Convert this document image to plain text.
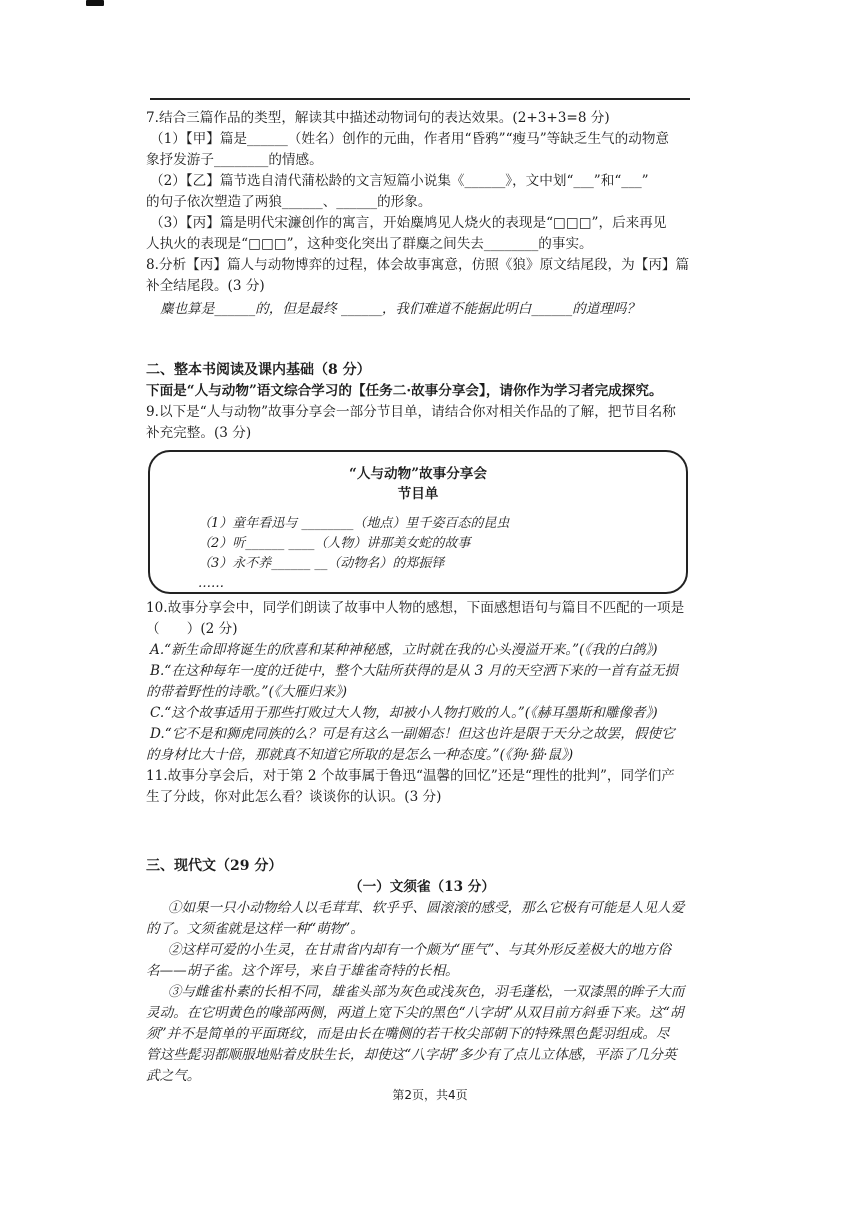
7.结合三篇作品的类型，解读其中描述动物词句的表达效果。(2+3+3=8 分)
（1）【甲】篇是______（姓名）创作的元曲，作者用“昏鸦”“瘦马”等缺乏生气的动物意
象抒发游子________的情感。
（2）【乙】篇节选自清代蒲松龄的文言短篇小说集《______》，文中划“___”和“___”
的句子依次塑造了两狼______、______的形象。
（3）【丙】篇是明代宋濂创作的寓言，开始麋鸠见人烧火的表现是“□□□”，后来再见
人执火的表现是“□□□”，这种变化突出了群麋之间失去________的事实。
8.分析【丙】篇人与动物博弈的过程，体会故事寓意，仿照《狼》原文结尾段，为【丙】篇
补全结尾段。(3 分)
麋也算是______的，但是最终 ______，我们难道不能据此明白______的道理吗？
二、整本书阅读及课内基础（8 分）
下面是“人与动物”语文综合学习的【任务二·故事分享会】，请你作为学习者完成探究。
9.以下是“人与动物”故事分享会一部分节目单，请结合你对相关作品的了解，把节目名称
补充完整。(3 分)
“人与动物”故事分享会
节目单
（1）童年看迅与 ________（地点）里千姿百态的昆虫
（2）听______ ____（人物）讲那美女蛇的故事
（3）永不养______ __（动物名）的郑振铎
……
10.故事分享会中，同学们朗读了故事中人物的感想，下面感想语句与篇目不匹配的一项是
（　　）(2 分)
A.“新生命即将诞生的欣喜和某种神秘感，立时就在我的心头漫溢开来。”(《我的白鸽》)
B.“在这种每年一度的迁徙中，整个大陆所获得的是从 3 月的天空洒下来的一首有益无损
的带着野性的诗歌。”(《大雁归来》)
C.“这个故事适用于那些打败过大人物，却被小人物打败的人。”(《赫耳墨斯和雕像者》)
D.“它不是和狮虎同族的么？可是有这么一副媚态！但这也许是限于天分之故罢，假使它
的身材比大十倍，那就真不知道它所取的是怎么一种态度。”(《狗·猫·鼠》)
11.故事分享会后，对于第 2 个故事属于鲁迅“温馨的回忆”还是“理性的批判”，同学们产
生了分歧，你对此怎么看？谈谈你的认识。(3 分)
三、现代文（29 分）
（一）文须雀（13 分）
①如果一只小动物给人以毛茸茸、软乎乎、圆滚滚的感受，那么它极有可能是人见人爱
的了。文须雀就是这样一种“萌物”。
②这样可爱的小生灵，在甘肃省内却有一个颇为“匪气”、与其外形反差极大的地方俗
名——胡子雀。这个诨号，来自于雄雀奇特的长相。
③与雌雀朴素的长相不同，雄雀头部为灰色或浅灰色，羽毛蓬松，一双漆黑的眸子大而
灵动。在它明黄色的喙部两侧，两道上宽下尖的黑色“八字胡”从双目前方斜垂下来。这“胡
须”并不是简单的平面斑纹，而是由长在嘴侧的若干枚尖部朝下的特殊黑色髭羽组成。尽
管这些髭羽都顺服地贴着皮肤生长，却使这“八字胡”多少有了点儿立体感，平添了几分英
武之气。
第2页，共4页
